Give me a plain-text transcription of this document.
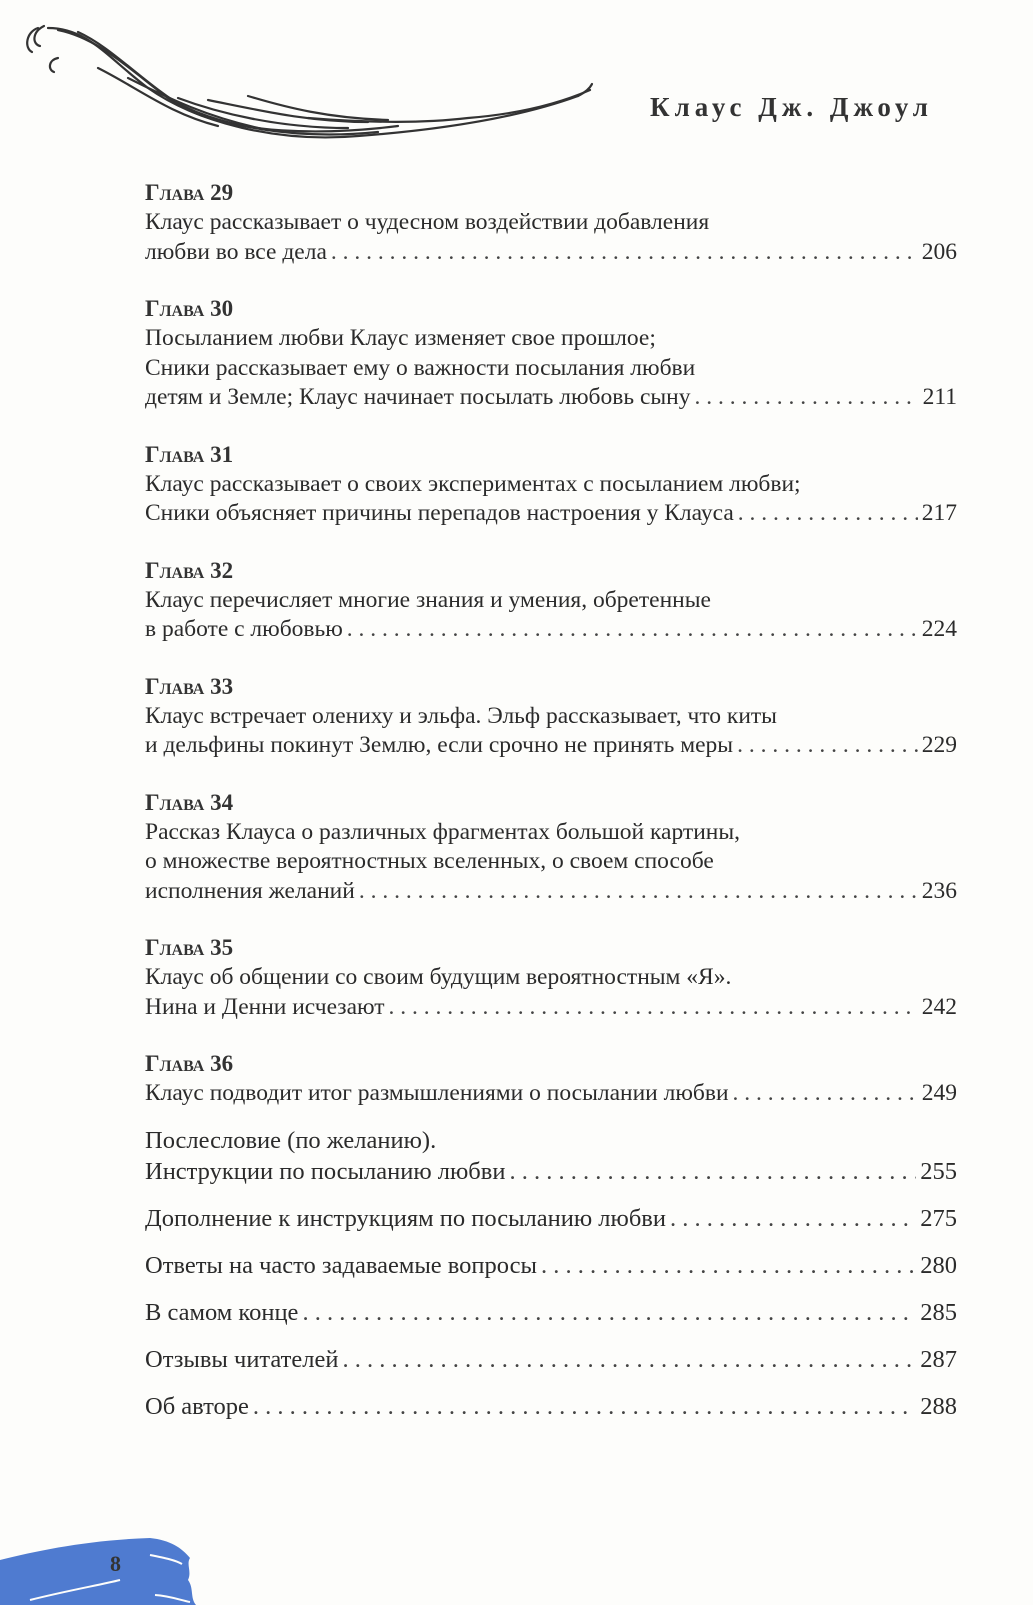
Клаус Дж. Джоул
Глава 29
Клаус рассказывает о чудесном воздействии добавления
любви во все дела . . .	206
Глава 30
Посыланием любви Клаус изменяет свое прошлое;
Сники рассказывает ему о важности посылания любви
детям и Земле; Клаус начинает посылать любовь сыну . . .	211
Глава 31
Клаус рассказывает о своих экспериментах с посыланием любви;
Сники объясняет причины перепадов настроения у Клауса . . .	217
Глава 32
Клаус перечисляет многие знания и умения, обретенные
в работе с любовью . . .	224
Глава 33
Клаус встречает олениху и эльфа. Эльф рассказывает, что киты
и дельфины покинут Землю, если срочно не принять меры . . .	229
Глава 34
Рассказ Клауса о различных фрагментах большой картины,
о множестве вероятностных вселенных, о своем способе
исполнения желаний . . .	236
Глава 35
Клаус об общении со своим будущим вероятностным «Я».
Нина и Денни исчезают . . .	242
Глава 36
Клаус подводит итог размышлениями о посылании любви . . .	249
Послесловие (по желанию).
Инструкции по посыланию любви . . .	255
Дополнение к инструкциям по посыланию любви . . .	275
Ответы на часто задаваемые вопросы . . .	280
В самом конце . . .	285
Отзывы читателей . . .	287
Об авторе . . .	288
8
